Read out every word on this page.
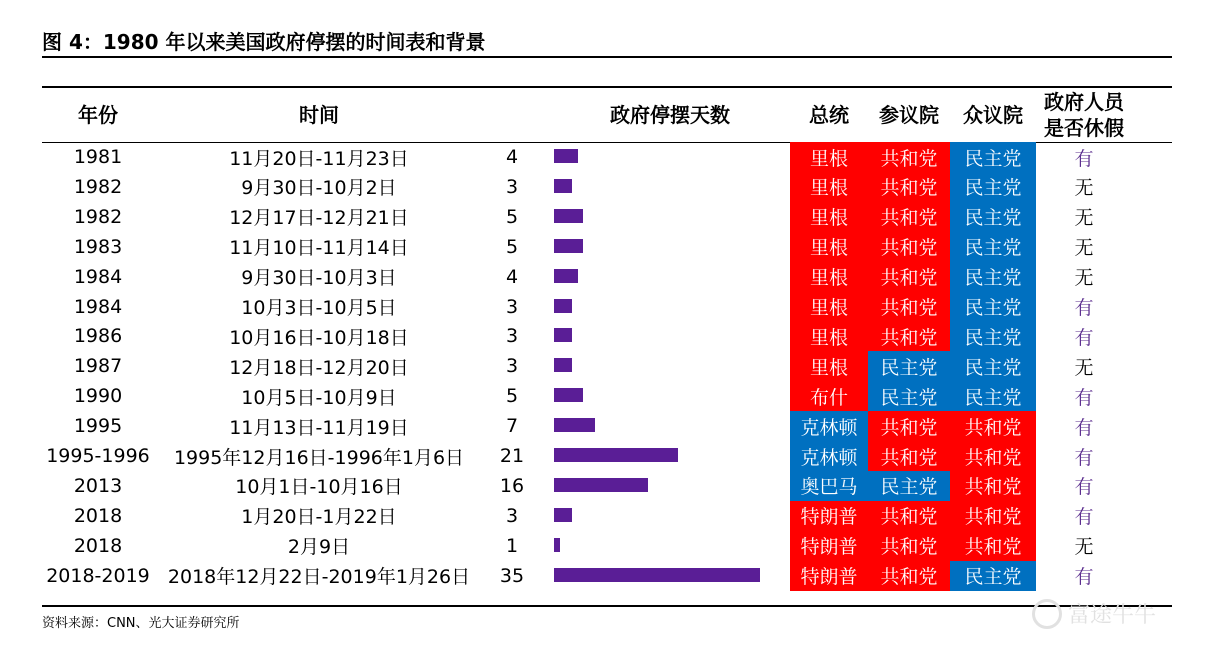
图 4：1980 年以来美国政府停摆的时间表和背景
年份	时间	政府停摆天数	总统	参议院	众议院
政府人员
是否休假
1981	11月20日-11月23日	4	里根	共和党	民主党	有
1982	9月30日-10月2日	3	里根	共和党	民主党	无
1982	12月17日-12月21日	5	里根	共和党	民主党	无
1983	11月10日-11月14日	5	里根	共和党	民主党	无
1984	9月30日-10月3日	4	里根	共和党	民主党	无
1984	10月3日-10月5日	3	里根	共和党	民主党	有
1986	10月16日-10月18日	3	里根	共和党	民主党	有
1987	12月18日-12月20日	3	里根	民主党	民主党	无
1990	10月5日-10月9日	5	布什	民主党	民主党	有
1995	11月13日-11月19日	7	克林顿	共和党	共和党	有
1995-1996	1995年12月16日-1996年1月6日	21	克林顿	共和党	共和党	有
2013	10月1日-10月16日	16	奥巴马	民主党	共和党	有
2018	1月20日-1月22日	3	特朗普	共和党	共和党	有
2018	2月9日	1	特朗普	共和党	共和党	无
2018-2019 2018年12月22日-2019年1月26日	35	特朗普	共和党	民主党	有
资料来源：CNN、光大证券研究所	富途牛牛
